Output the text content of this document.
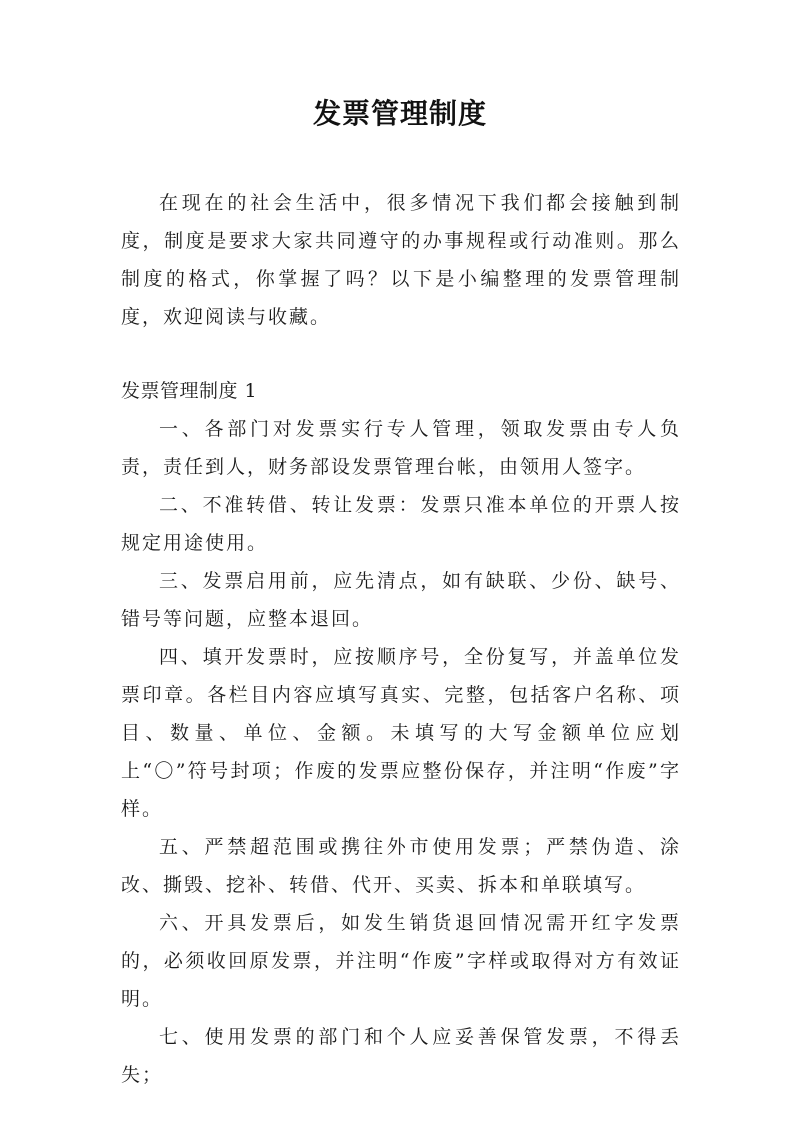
发票管理制度

在现在的社会生活中，很多情况下我们都会接触到制度，制度是要求大家共同遵守的办事规程或行动准则。那么制度的格式，你掌握了吗？以下是小编整理的发票管理制度，欢迎阅读与收藏。

发票管理制度 1

一、各部门对发票实行专人管理，领取发票由专人负责，责任到人，财务部设发票管理台帐，由领用人签字。

二、不准转借、转让发票：发票只准本单位的开票人按规定用途使用。

三、发票启用前，应先清点，如有缺联、少份、缺号、错号等问题，应整本退回。

四、填开发票时，应按顺序号，全份复写，并盖单位发票印章。各栏目内容应填写真实、完整，包括客户名称、项目、数量、单位、金额。未填写的大写金额单位应划上“〇”符号封项；作废的发票应整份保存，并注明“作废”字样。

五、严禁超范围或携往外市使用发票；严禁伪造、涂改、撕毁、挖补、转借、代开、买卖、拆本和单联填写。

六、开具发票后，如发生销货退回情况需开红字发票的，必须收回原发票，并注明“作废”字样或取得对方有效证明。

七、使用发票的部门和个人应妥善保管发票，不得丢失；
